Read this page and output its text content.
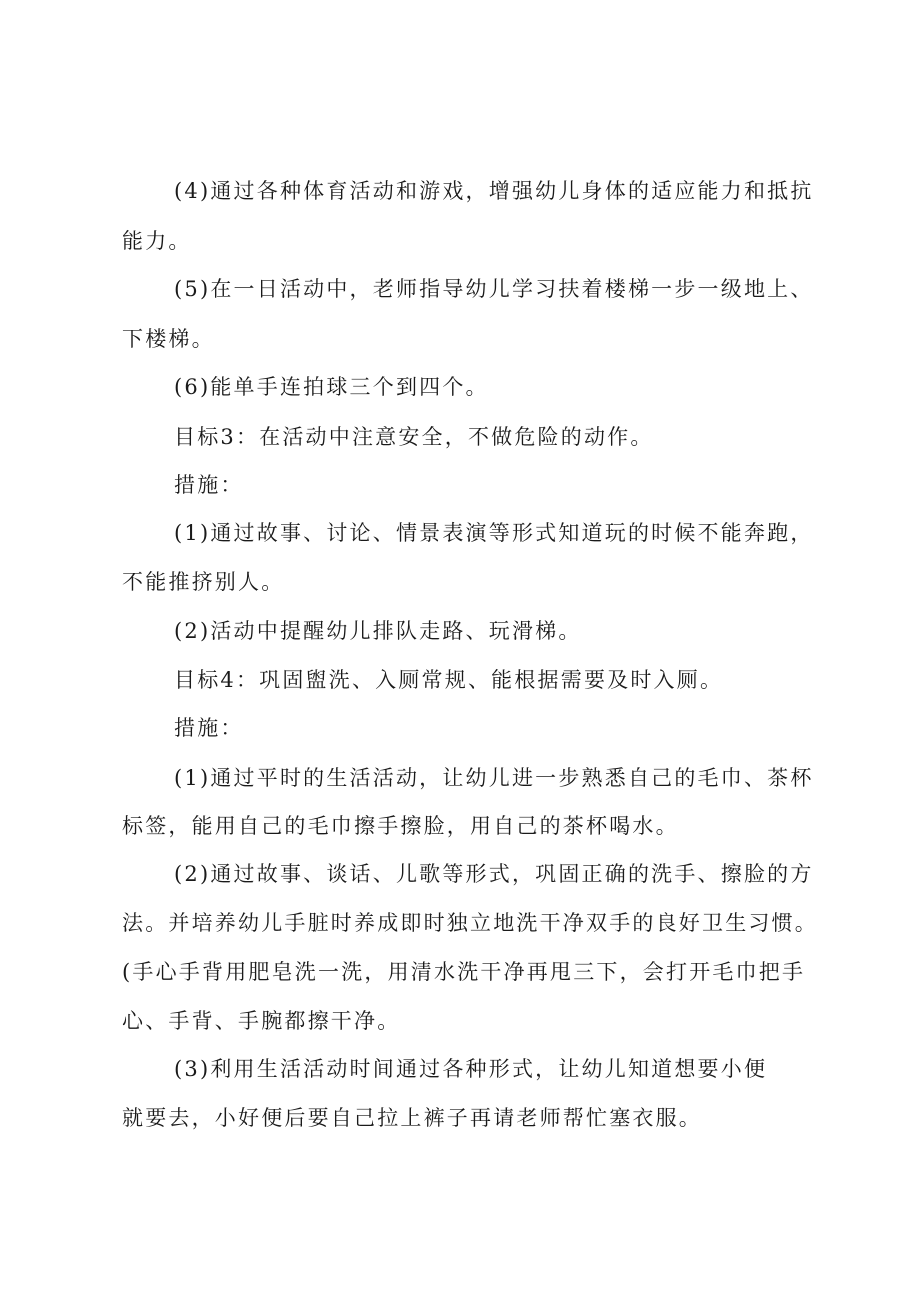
(4)通过各种体育活动和游戏，增强幼儿身体的适应能力和抵抗
能力。
(5)在一日活动中，老师指导幼儿学习扶着楼梯一步一级地上、
下楼梯。
(6)能单手连拍球三个到四个。
目标3：在活动中注意安全，不做危险的动作。
措施：
(1)通过故事、讨论、情景表演等形式知道玩的时候不能奔跑，
不能推挤别人。
(2)活动中提醒幼儿排队走路、玩滑梯。
目标4：巩固盥洗、入厕常规、能根据需要及时入厕。
措施：
(1)通过平时的生活活动，让幼儿进一步熟悉自己的毛巾、茶杯
标签，能用自己的毛巾擦手擦脸，用自己的茶杯喝水。
(2)通过故事、谈话、儿歌等形式，巩固正确的洗手、擦脸的方
法。并培养幼儿手脏时养成即时独立地洗干净双手的良好卫生习惯。
(手心手背用肥皂洗一洗，用清水洗干净再甩三下，会打开毛巾把手
心、手背、手腕都擦干净。
(3)利用生活活动时间通过各种形式，让幼儿知道想要小便
就要去，小好便后要自己拉上裤子再请老师帮忙塞衣服。
